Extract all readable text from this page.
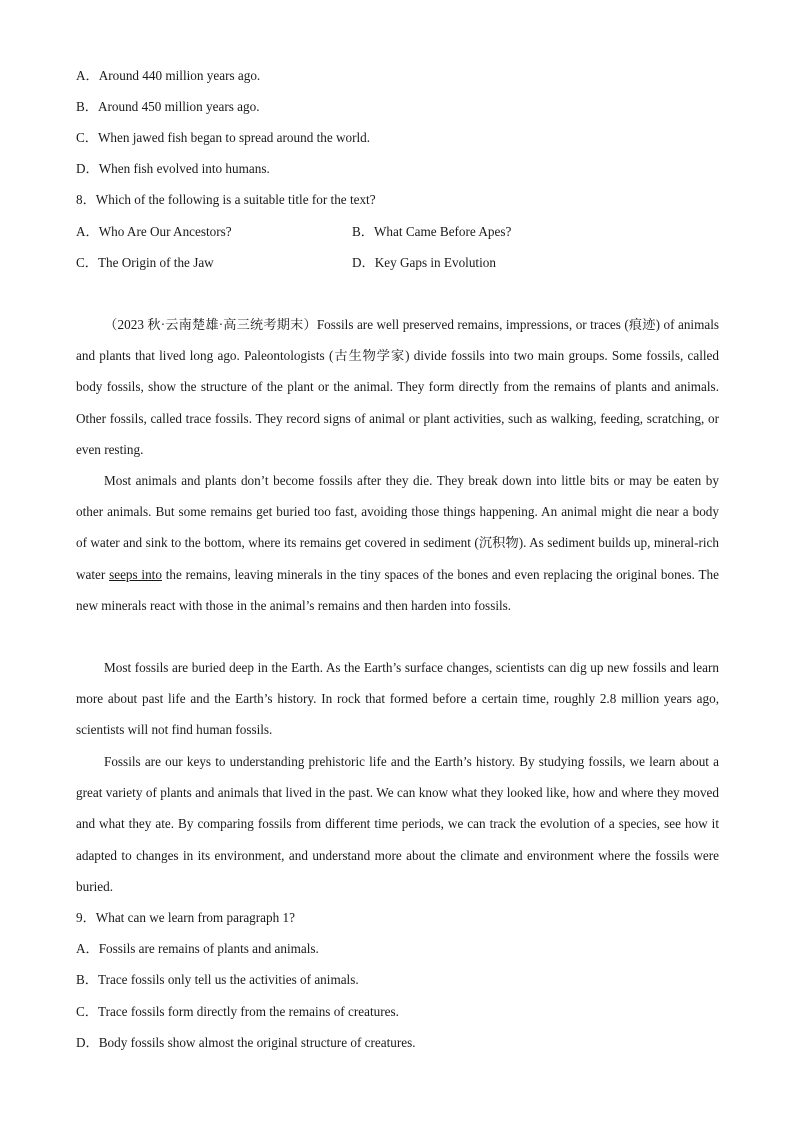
A．Around 440 million years ago.
B．Around 450 million years ago.
C．When jawed fish began to spread around the world.
D．When fish evolved into humans.
8．Which of the following is a suitable title for the text?
A．Who Are Our Ancestors?	B．What Came Before Apes?
C．The Origin of the Jaw	D．Key Gaps in Evolution

（2023 秋·云南楚雄·高三统考期末）Fossils are well preserved remains, impressions, or traces (痕迹) of animals and plants that lived long ago. Paleontologists (古生物学家) divide fossils into two main groups. Some fossils, called body fossils, show the structure of the plant or the animal. They form directly from the remains of plants and animals. Other fossils, called trace fossils. They record signs of animal or plant activities, such as walking, feeding, scratching, or even resting.

Most animals and plants don’t become fossils after they die. They break down into little bits or may be eaten by other animals. But some remains get buried too fast, avoiding those things happening. An animal might die near a body of water and sink to the bottom, where its remains get covered in sediment (沉积物). As sediment builds up, mineral-rich water seeps into the remains, leaving minerals in the tiny spaces of the bones and even replacing the original bones. The new minerals react with those in the animal’s remains and then harden into fossils.

Most fossils are buried deep in the Earth. As the Earth’s surface changes, scientists can dig up new fossils and learn more about past life and the Earth’s history. In rock that formed before a certain time, roughly 2.8 million years ago, scientists will not find human fossils.

Fossils are our keys to understanding prehistoric life and the Earth’s history. By studying fossils, we learn about a great variety of plants and animals that lived in the past. We can know what they looked like, how and where they moved and what they ate. By comparing fossils from different time periods, we can track the evolution of a species, see how it adapted to changes in its environment, and understand more about the climate and environment where the fossils were buried.

9．What can we learn from paragraph 1?
A．Fossils are remains of plants and animals.
B．Trace fossils only tell us the activities of animals.
C．Trace fossils form directly from the remains of creatures.
D．Body fossils show almost the original structure of creatures.
